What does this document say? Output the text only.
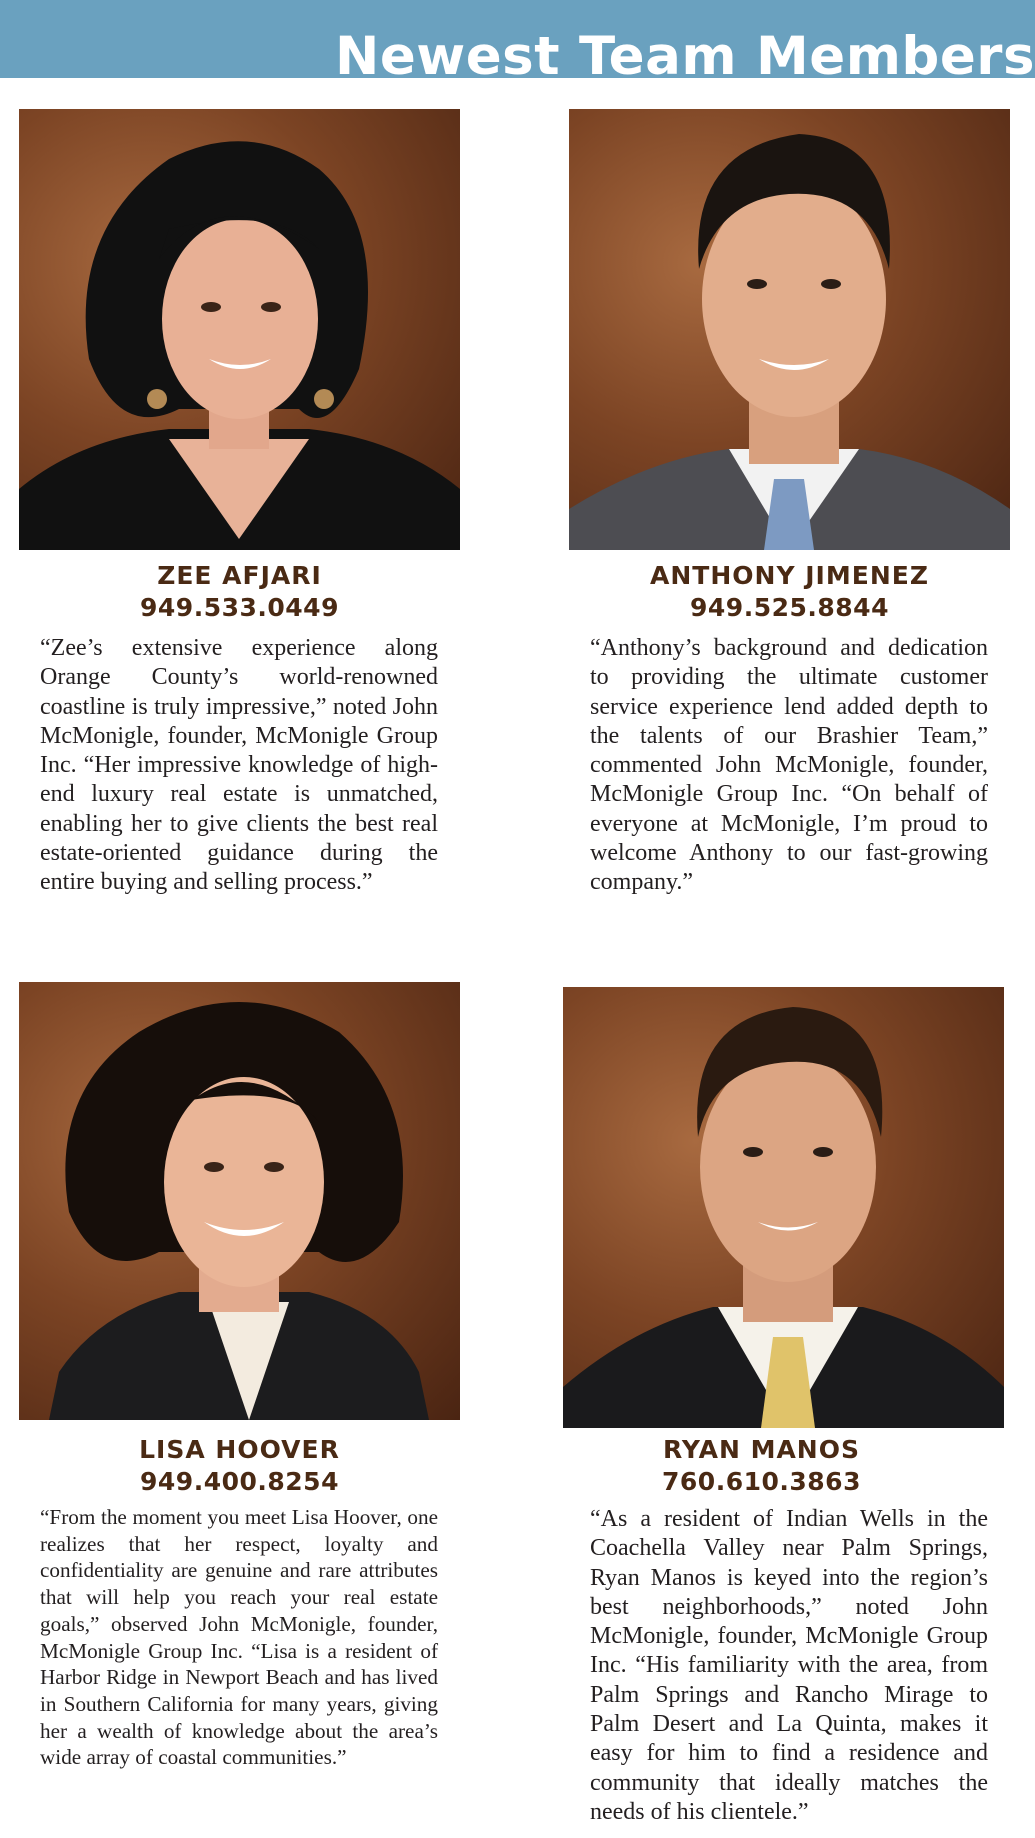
Newest Team Members

ZEE AFJARI

949.533.0449

“Zee’s extensive experience along Orange County’s world-renowned coastline is truly impressive,” noted John McMonigle, founder, McMonigle Group Inc. “Her impressive knowledge of high-end luxury real estate is unmatched, enabling her to give clients the best real estate-oriented guidance during the entire buying and selling process.”

ANTHONY JIMENEZ

949.525.8844

“Anthony’s background and dedication to providing the ultimate customer service experience lend added depth to the talents of our Brashier Team,” commented John McMonigle, founder, McMonigle Group Inc. “On behalf of everyone at McMonigle, I’m proud to welcome Anthony to our fast-growing company.”

LISA HOOVER

949.400.8254

“From the moment you meet Lisa Hoover, one realizes that her respect, loyalty and confidentiality are genuine and rare attributes that will help you reach your real estate goals,” observed John McMonigle, founder, McMonigle Group Inc. “Lisa is a resident of Harbor Ridge in Newport Beach and has lived in Southern California for many years, giving her a wealth of knowledge about the area’s wide array of coastal communities.”

RYAN MANOS

760.610.3863

“As a resident of Indian Wells in the Coachella Valley near Palm Springs, Ryan Manos is keyed into the region’s best neighborhoods,” noted John McMonigle, founder, McMonigle Group Inc. “His familiarity with the area, from Palm Springs and Rancho Mirage to Palm Desert and La Quinta, makes it easy for him to find a residence and community that ideally matches the needs of his clientele.”
